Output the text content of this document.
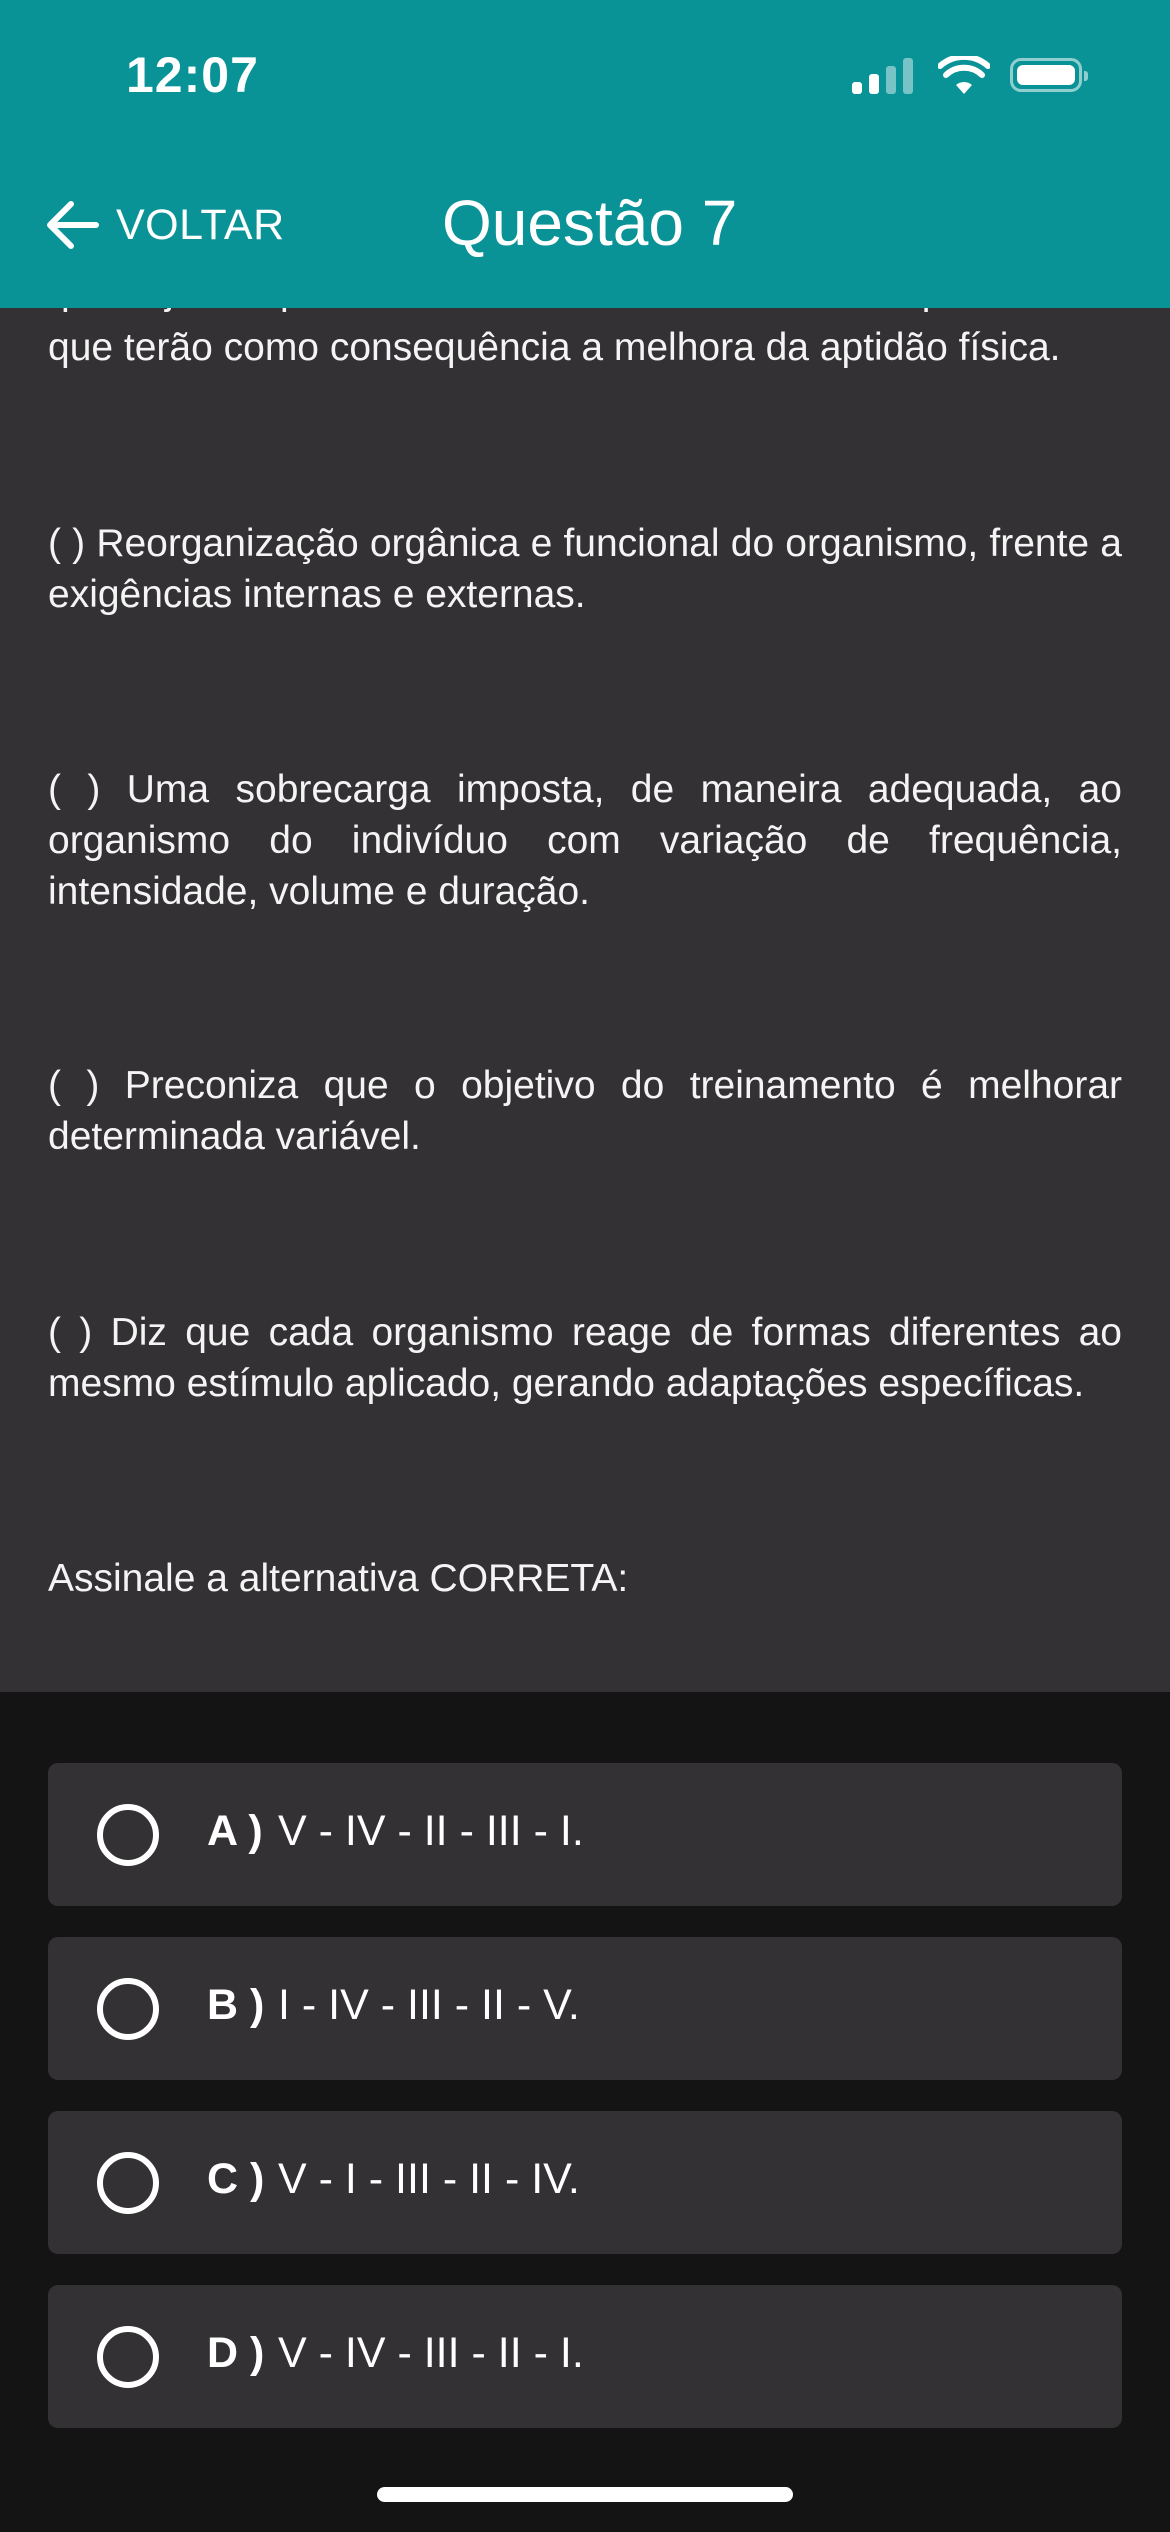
que terão como consequência a melhora da aptidão física.

( ) Reorganização orgânica e funcional do organismo, frente a exigências internas e externas.

( ) Uma sobrecarga imposta, de maneira adequada, ao organismo do indivíduo com variação de frequência, intensidade, volume e duração.

( ) Preconiza que o objetivo do treinamento é melhorar determinada variável.

( ) Diz que cada organismo reage de formas diferentes ao mesmo estímulo aplicado, gerando adaptações específicas.

Assinale a alternativa CORRETA:

12:07
VOLTAR Questão 7
A ) V - IV - II - III - I.
B ) I - IV - III - II - V.
C ) V - I - III - II - IV.
D ) V - IV - III - II - I.
